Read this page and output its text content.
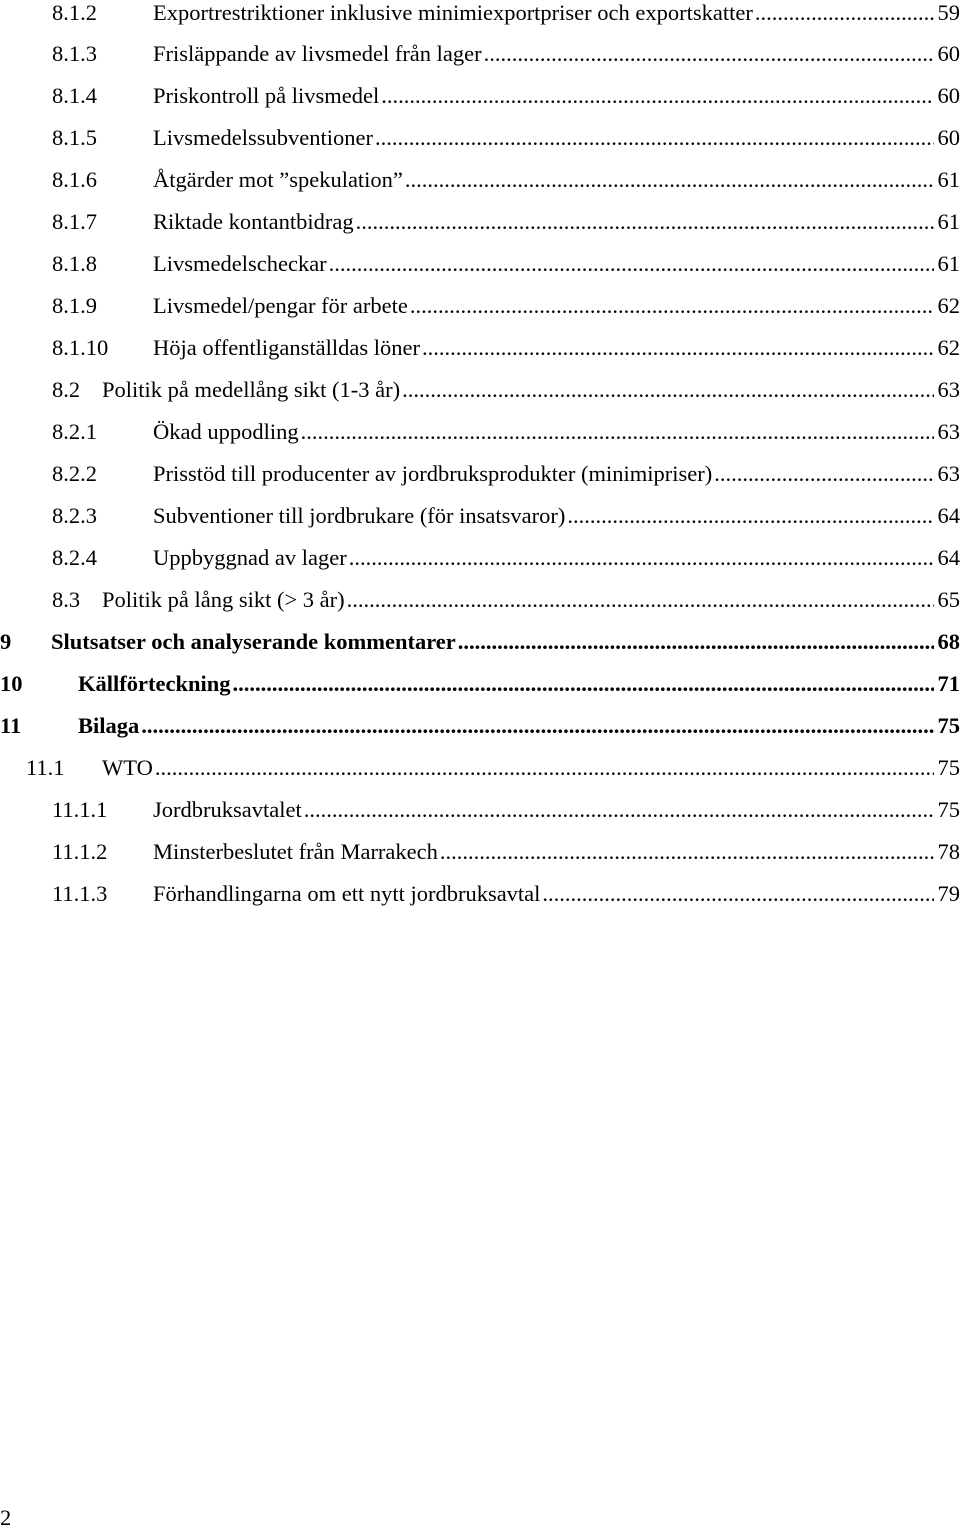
8.1.2 Exportrestriktioner inklusive minimiexportpriser och exportskatter .....	59
8.1.3 Frisläppande av livsmedel från lager .....	60
8.1.4 Priskontroll på livsmedel .....	60
8.1.5 Livsmedelssubventioner .....	60
8.1.6 Åtgärder mot ”spekulation” .....	61
8.1.7 Riktade kontantbidrag .....	61
8.1.8 Livsmedelscheckar .....	61
8.1.9 Livsmedel/pengar för arbete .....	62
8.1.10 Höja offentliganställdas löner .....	62
8.2 Politik på medellång sikt (1-3 år) .....	63
8.2.1 Ökad uppodling .....	63
8.2.2 Prisstöd till producenter av jordbruksprodukter (minimipriser) .....	63
8.2.3 Subventioner till jordbrukare (för insatsvaror) .....	64
8.2.4 Uppbyggnad av lager .....	64
8.3 Politik på lång sikt (> 3 år) .....	65
9 Slutsatser och analyserande kommentarer .....	68
10 Källförteckning .....	71
11	Bilaga .....	75
11.1 WTO .....	75
11.1.1 Jordbruksavtalet .....	75
11.1.2 Minsterbeslutet från Marrakech .....	78
11.1.3 Förhandlingarna om ett nytt jordbruksavtal .....	79
2
